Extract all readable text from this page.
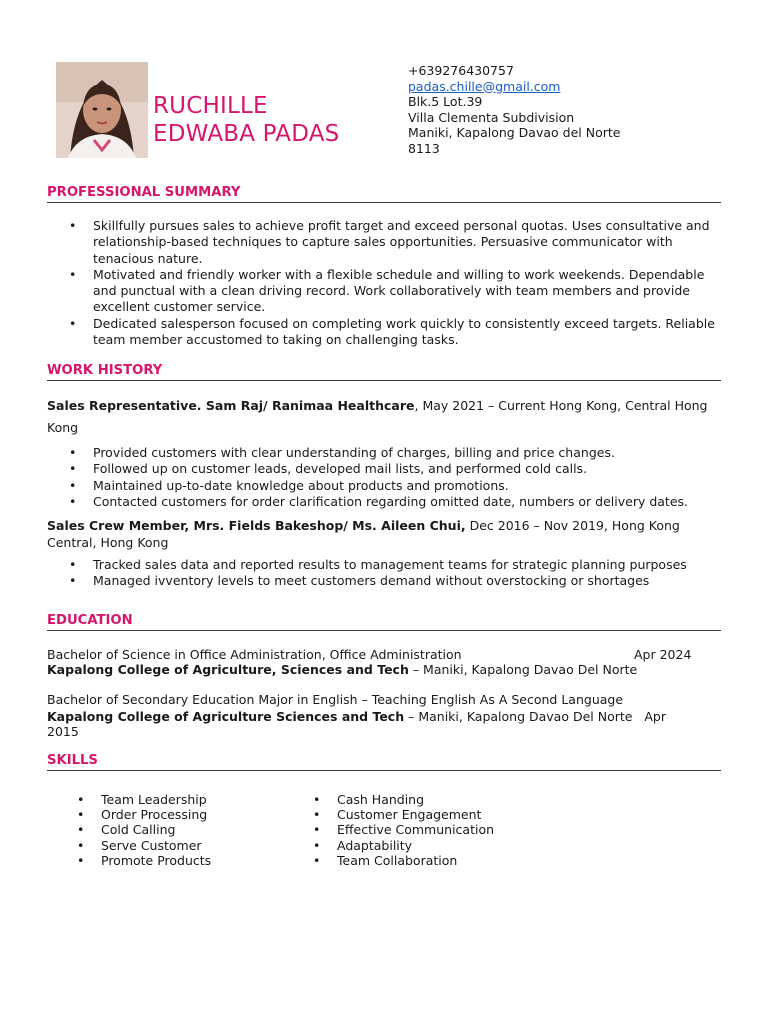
RUCHILLE
EDWABA PADAS
+639276430757
padas.chille@gmail.com
Blk.5 Lot.39
Villa Clementa Subdivision
Maniki, Kapalong Davao del Norte
8113
PROFESSIONAL SUMMARY
• Skillfully pursues sales to achieve profit target and exceed personal quotas. Uses consultative and relationship-based techniques to capture sales opportunities. Persuasive communicator with tenacious nature.
• Motivated and friendly worker with a flexible schedule and willing to work weekends. Dependable and punctual with a clean driving record. Work collaboratively with team members and provide excellent customer service.
• Dedicated salesperson focused on completing work quickly to consistently exceed targets. Reliable team member accustomed to taking on challenging tasks.
WORK HISTORY
Sales Representative. Sam Raj/ Ranimaa Healthcare, May 2021 – Current Hong Kong, Central Hong Kong
• Provided customers with clear understanding of charges, billing and price changes.
• Followed up on customer leads, developed mail lists, and performed cold calls.
• Maintained up-to-date knowledge about products and promotions.
• Contacted customers for order clarification regarding omitted date, numbers or delivery dates.
Sales Crew Member, Mrs. Fields Bakeshop/ Ms. Aileen Chui, Dec 2016 – Nov 2019, Hong Kong Central, Hong Kong
• Tracked sales data and reported results to management teams for strategic planning purposes
• Managed ivventory levels to meet customers demand without overstocking or shortages
EDUCATION
Bachelor of Science in Office Administration, Office Administration	Apr 2024
Kapalong College of Agriculture, Sciences and Tech – Maniki, Kapalong Davao Del Norte
Bachelor of Secondary Education Major in English – Teaching English As A Second Language
Kapalong College of Agriculture Sciences and Tech – Maniki, Kapalong Davao Del Norte   Apr
2015
SKILLS
• Team Leadership
• Order Processing
• Cold Calling
• Serve Customer
• Promote Products
• Cash Handing
• Customer Engagement
• Effective Communication
• Adaptability
• Team Collaboration
